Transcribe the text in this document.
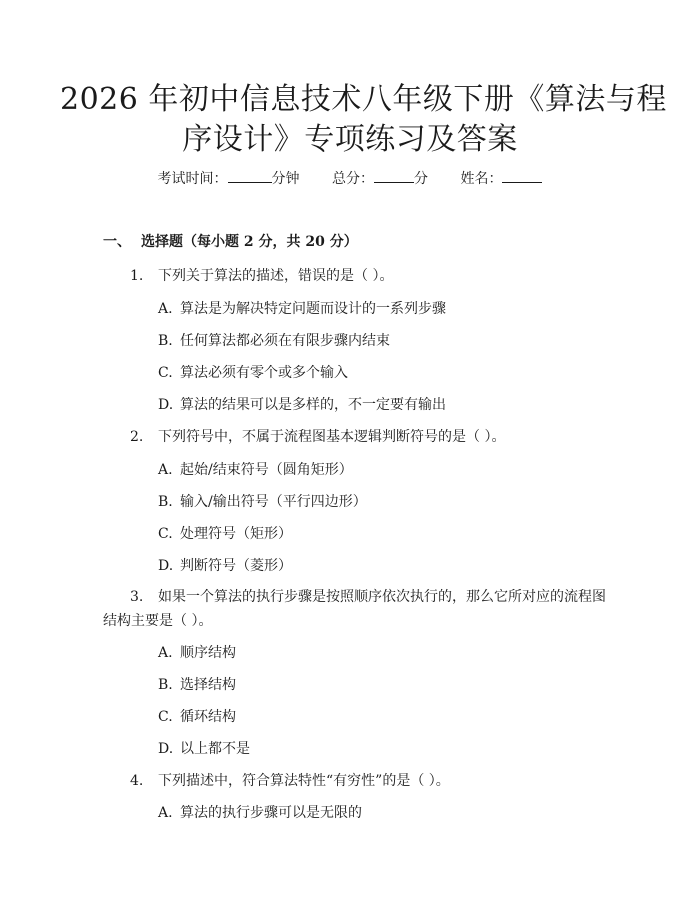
2026 年初中信息技术八年级下册《算法与程
序设计》专项练习及答案
考试时间：	分钟 总分：	分 姓名：
一、 选择题（每小题 2 分，共 20 分）
1. 下列关于算法的描述，错误的是（ ）。
A. 算法是为解决特定问题而设计的一系列步骤
B. 任何算法都必须在有限步骤内结束
C. 算法必须有零个或多个输入
D. 算法的结果可以是多样的，不一定要有输出
2. 下列符号中，不属于流程图基本逻辑判断符号的是（ ）。
A. 起始/结束符号（圆角矩形）
B. 输入/输出符号（平行四边形）
C. 处理符号（矩形）
D. 判断符号（菱形）
3. 如果一个算法的执行步骤是按照顺序依次执行的，那么它所对应的流程图
结构主要是（ ）。
A. 顺序结构
B. 选择结构
C. 循环结构
D. 以上都不是
4. 下列描述中，符合算法特性“有穷性”的是（ ）。
A. 算法的执行步骤可以是无限的
